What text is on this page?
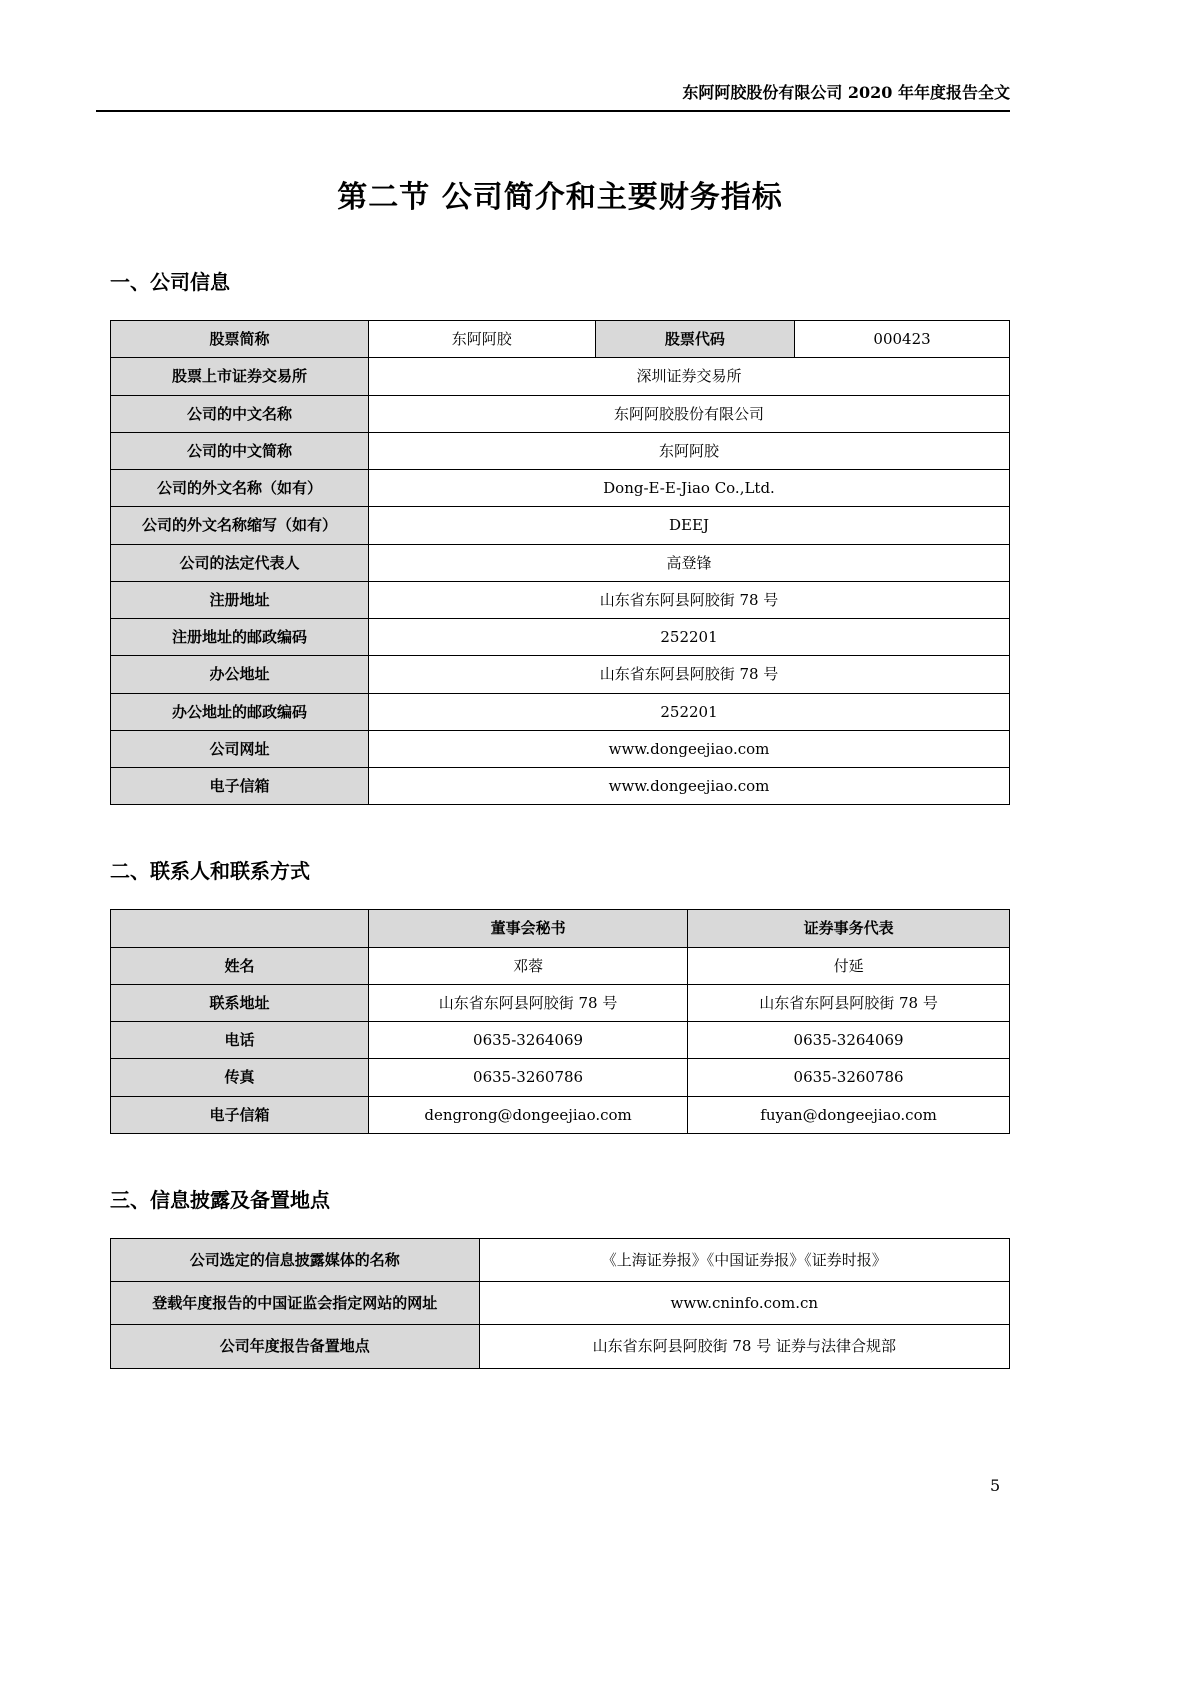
东阿阿胶股份有限公司 2020 年年度报告全文
第二节 公司简介和主要财务指标
一、公司信息
股票简称	东阿阿胶	股票代码	000423
股票上市证券交易所	深圳证券交易所		
公司的中文名称	东阿阿胶股份有限公司		
公司的中文简称	东阿阿胶		
公司的外文名称（如有）	Dong-E-E-Jiao Co.,Ltd.		
公司的外文名称缩写（如有）	DEEJ		
公司的法定代表人	高登锋		
注册地址	山东省东阿县阿胶街 78 号		
注册地址的邮政编码	252201		
办公地址	山东省东阿县阿胶街 78 号		
办公地址的邮政编码	252201		
公司网址	www.dongeejiao.com		
电子信箱	www.dongeejiao.com		
二、联系人和联系方式
	董事会秘书	证券事务代表
姓名	邓蓉	付延
联系地址	山东省东阿县阿胶街 78 号	山东省东阿县阿胶街 78 号
电话	0635-3264069	0635-3264069
传真	0635-3260786	0635-3260786
电子信箱	dengrong@dongeejiao.com	fuyan@dongeejiao.com
三、信息披露及备置地点
公司选定的信息披露媒体的名称	《上海证券报》《中国证券报》《证券时报》
登载年度报告的中国证监会指定网站的网址	www.cninfo.com.cn
公司年度报告备置地点	山东省东阿县阿胶街 78 号 证券与法律合规部
5
